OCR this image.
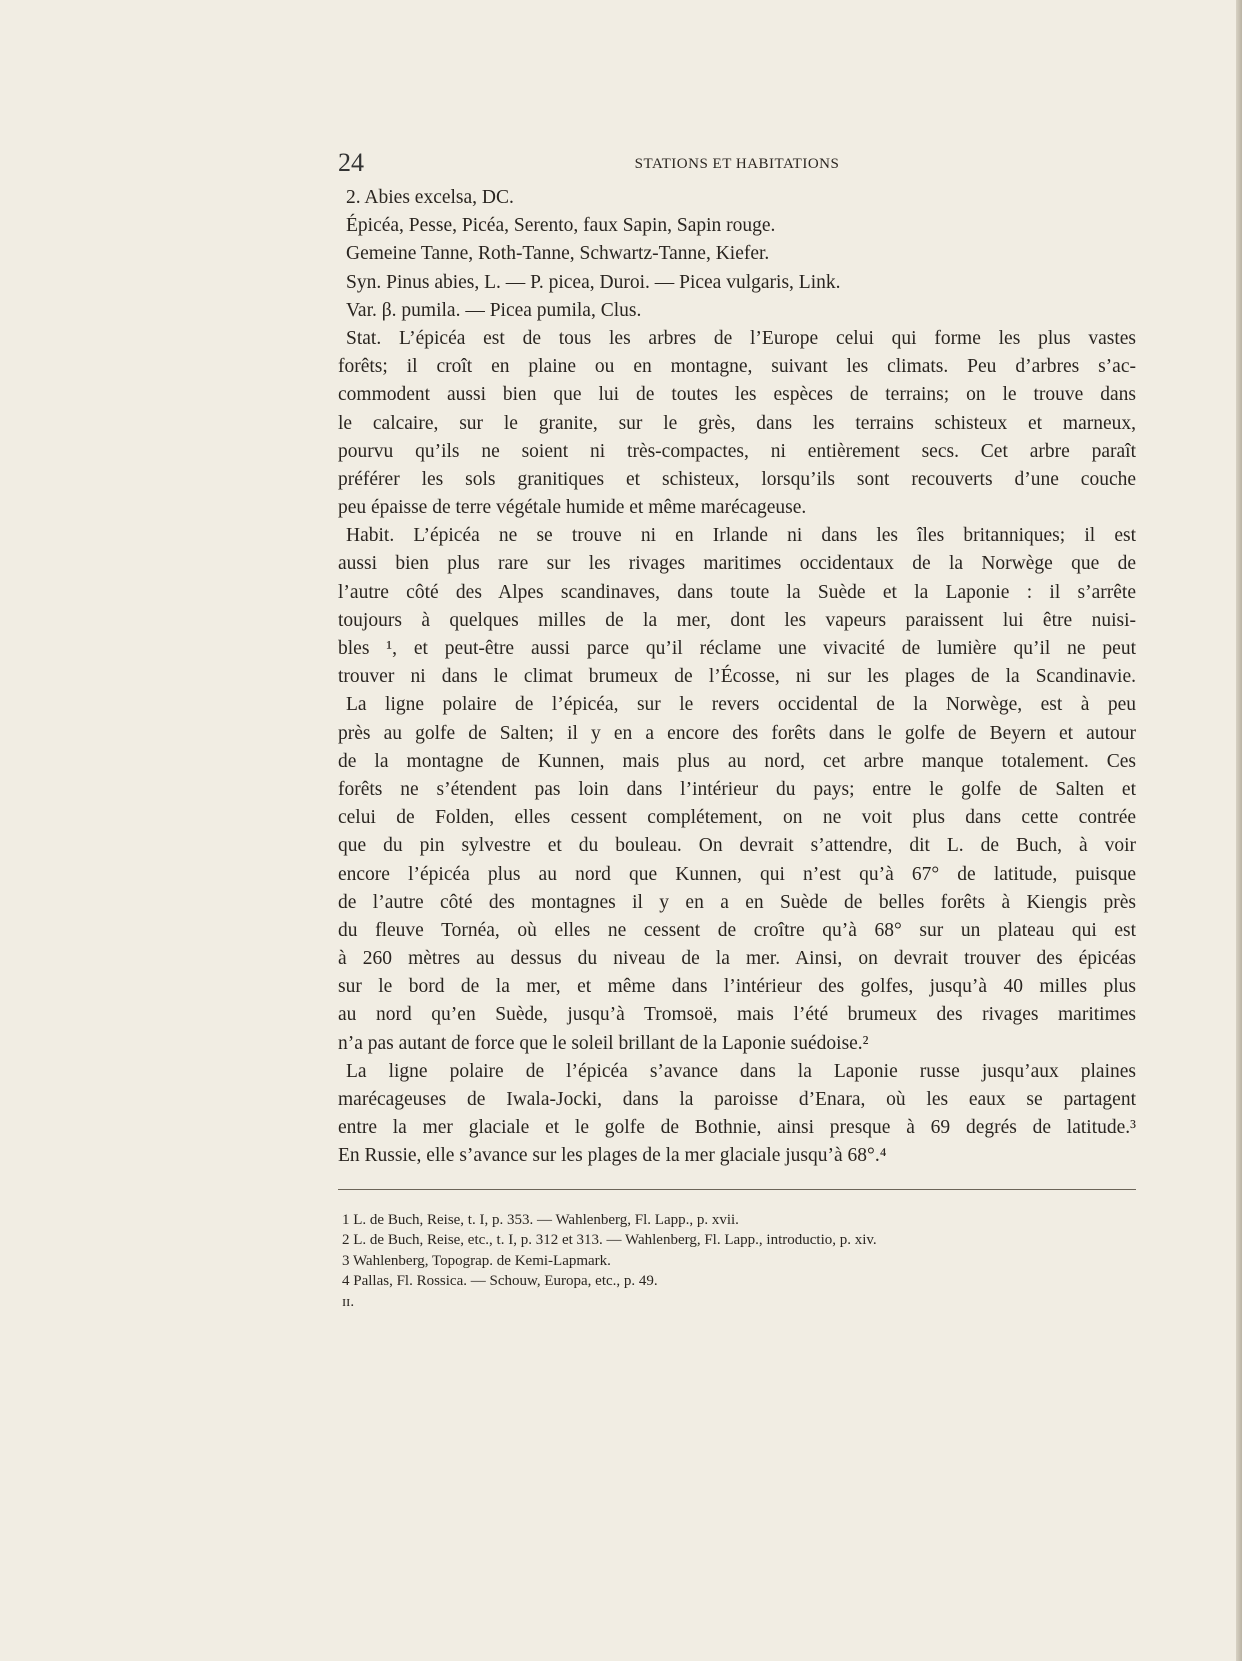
24	STATIONS ET HABITATIONS
2. Abies excelsa, DC.
Épicéa, Pesse, Picéa, Serento, faux Sapin, Sapin rouge.
Gemeine Tanne, Roth-Tanne, Schwartz-Tanne, Kiefer.
Syn. Pinus abies, L. — P. picea, Duroi. — Picea vulgaris, Link.
Var. β. pumila. — Picea pumila, Clus.
Stat. L’épicéa est de tous les arbres de l’Europe celui qui forme les plus vastes
forêts; il croît en plaine ou en montagne, suivant les climats. Peu d’arbres s’ac-
commodent aussi bien que lui de toutes les espèces de terrains; on le trouve dans
le calcaire, sur le granite, sur le grès, dans les terrains schisteux et marneux,
pourvu qu’ils ne soient ni très-compactes, ni entièrement secs. Cet arbre paraît
préférer les sols granitiques et schisteux, lorsqu’ils sont recouverts d’une couche
peu épaisse de terre végétale humide et même marécageuse.
Habit. L’épicéa ne se trouve ni en Irlande ni dans les îles britanniques; il est
aussi bien plus rare sur les rivages maritimes occidentaux de la Norwège que de
l’autre côté des Alpes scandinaves, dans toute la Suède et la Laponie : il s’arrête
toujours à quelques milles de la mer, dont les vapeurs paraissent lui être nuisi-
bles ¹, et peut-être aussi parce qu’il réclame une vivacité de lumière qu’il ne peut
trouver ni dans le climat brumeux de l’Écosse, ni sur les plages de la Scandinavie.
La ligne polaire de l’épicéa, sur le revers occidental de la Norwège, est à peu
près au golfe de Salten; il y en a encore des forêts dans le golfe de Beyern et autour
de la montagne de Kunnen, mais plus au nord, cet arbre manque totalement. Ces
forêts ne s’étendent pas loin dans l’intérieur du pays; entre le golfe de Salten et
celui de Folden, elles cessent complétement, on ne voit plus dans cette contrée
que du pin sylvestre et du bouleau. On devrait s’attendre, dit L. de Buch, à voir
encore l’épicéa plus au nord que Kunnen, qui n’est qu’à 67° de latitude, puisque
de l’autre côté des montagnes il y en a en Suède de belles forêts à Kiengis près
du fleuve Tornéa, où elles ne cessent de croître qu’à 68° sur un plateau qui est
à 260 mètres au dessus du niveau de la mer. Ainsi, on devrait trouver des épicéas
sur le bord de la mer, et même dans l’intérieur des golfes, jusqu’à 40 milles plus
au nord qu’en Suède, jusqu’à Tromsoë, mais l’été brumeux des rivages maritimes
n’a pas autant de force que le soleil brillant de la Laponie suédoise.²
La ligne polaire de l’épicéa s’avance dans la Laponie russe jusqu’aux plaines
marécageuses de Iwala-Jocki, dans la paroisse d’Enara, où les eaux se partagent
entre la mer glaciale et le golfe de Bothnie, ainsi presque à 69 degrés de latitude.³
En Russie, elle s’avance sur les plages de la mer glaciale jusqu’à 68°.⁴
1 L. de Buch, Reise, t. I, p. 353. — Wahlenberg, Fl. Lapp., p. xvii.
2 L. de Buch, Reise, etc., t. I, p. 312 et 313. — Wahlenberg, Fl. Lapp., introductio, p. xiv.
3 Wahlenberg, Topograp. de Kemi-Lapmark.
4 Pallas, Fl. Rossica. — Schouw, Europa, etc., p. 49.
ɪɪ.
